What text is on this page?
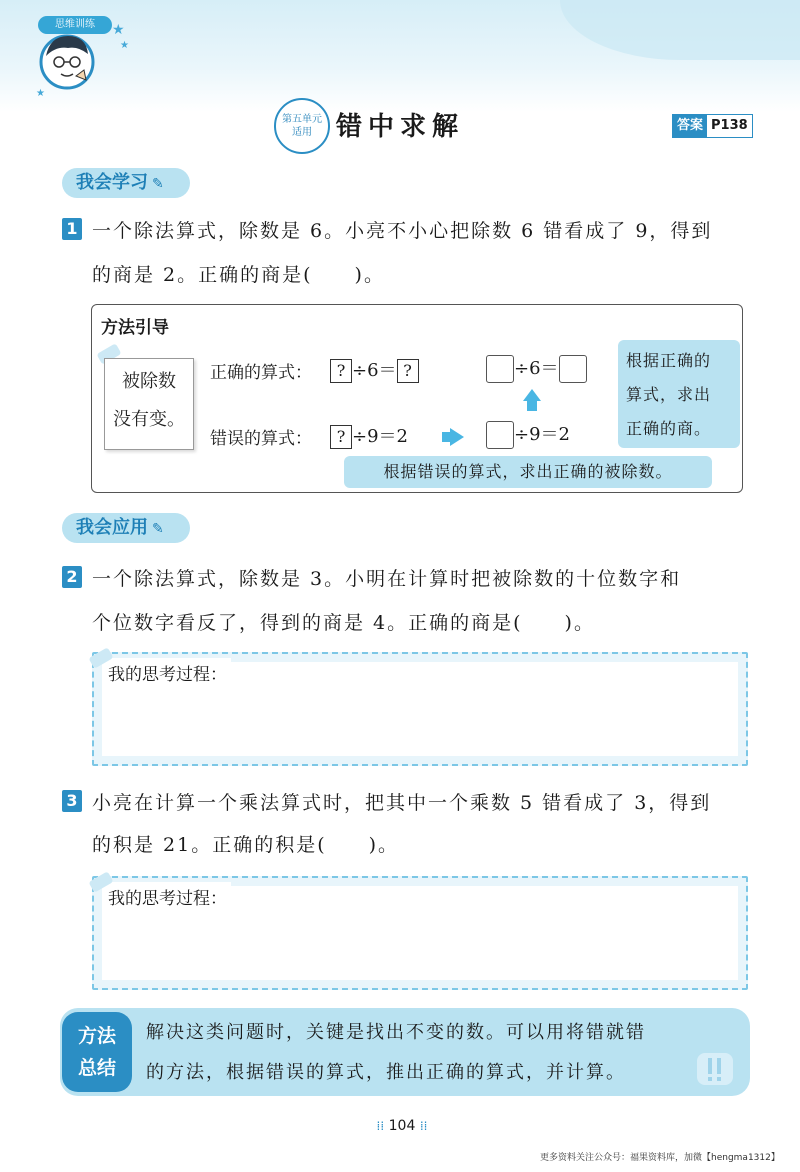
思维训练	★
★
★
第五单元
适用 错中求解	答案 P138
我会学习 ✎
1 一个除法算式，除数是 6。小亮不小心把除数 6 错看成了 9，得到
的商是 2。正确的商是(　　)。
方法引导
被除数
没有变。
正确的算式：	? ÷6＝ ?
错误的算式：	? ÷9＝2
÷6＝
÷9＝2
根据正确的
算式，求出
正确的商。
根据错误的算式，求出正确的被除数。
我会应用 ✎
2 一个除法算式，除数是 3。小明在计算时把被除数的十位数字和
个位数字看反了，得到的商是 4。正确的商是(　　)。
我的思考过程：
3 小亮在计算一个乘法算式时，把其中一个乘数 5 错看成了 3，得到
的积是 21。正确的积是(　　)。
我的思考过程：
方法
总结
解决这类问题时，关键是找出不变的数。可以用将错就错
的方法，根据错误的算式，推出正确的算式，并计算。
⁞⁞ 104 ⁞⁞
更多资料关注公众号：福果资料库，加微【hengma1312】
